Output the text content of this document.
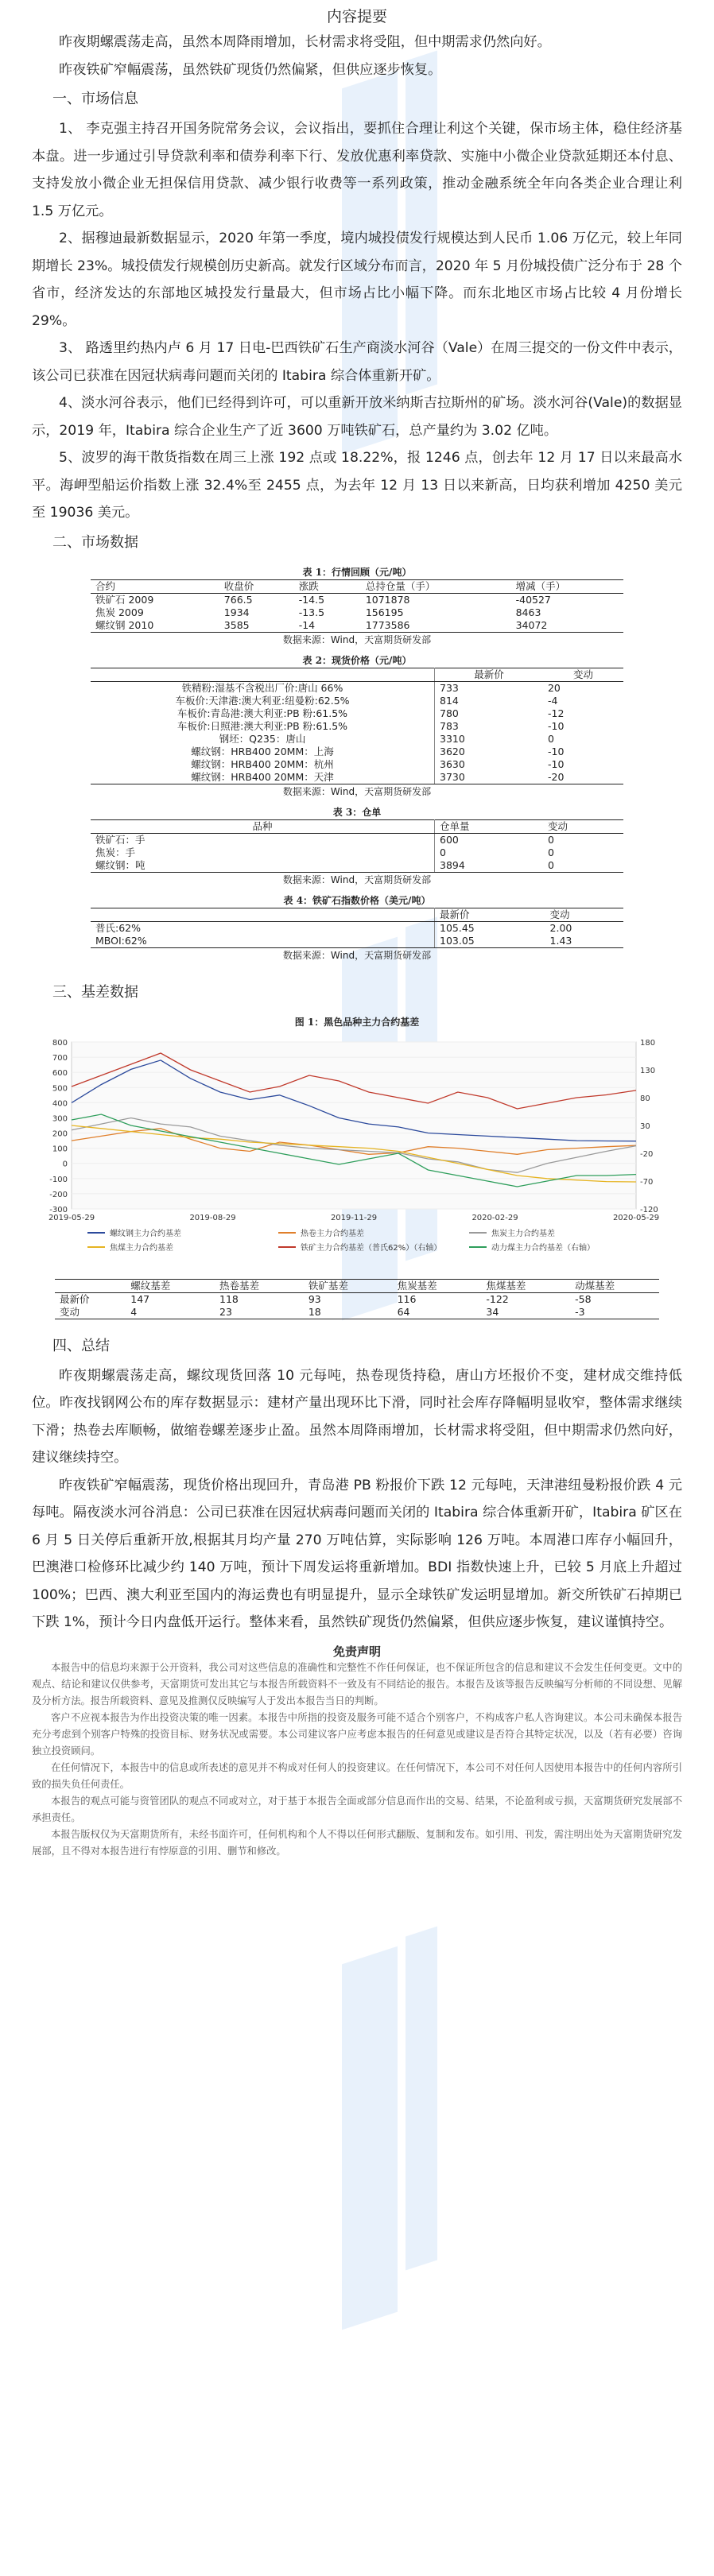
内容提要

昨夜期螺震荡走高，虽然本周降雨增加，长材需求将受阻，但中期需求仍然向好。

昨夜铁矿窄幅震荡，虽然铁矿现货仍然偏紧，但供应逐步恢复。

一、市场信息

1、 李克强主持召开国务院常务会议，会议指出，要抓住合理让利这个关键，保市场主体，稳住经济基本盘。进一步通过引导贷款利率和债券利率下行、发放优惠利率贷款、实施中小微企业贷款延期还本付息、支持发放小微企业无担保信用贷款、减少银行收费等一系列政策，推动金融系统全年向各类企业合理让利 1.5 万亿元。

2、据穆迪最新数据显示，2020 年第一季度，境内城投债发行规模达到人民币 1.06 万亿元，较上年同期增长 23%。城投债发行规模创历史新高。就发行区域分布而言，2020 年 5 月份城投债广泛分布于 28 个省市，经济发达的东部地区城投发行量最大，但市场占比小幅下降。而东北地区市场占比较 4 月份增长 29%。

3、 路透里约热内卢 6 月 17 日电-巴西铁矿石生产商淡水河谷（Vale）在周三提交的一份文件中表示，该公司已获准在因冠状病毒问题而关闭的 Itabira 综合体重新开矿。

4、淡水河谷表示，他们已经得到许可，可以重新开放米纳斯吉拉斯州的矿场。淡水河谷(Vale)的数据显示，2019 年，Itabira 综合企业生产了近 3600 万吨铁矿石，总产量约为 3.02 亿吨。

5、波罗的海干散货指数在周三上涨 192 点或 18.22%，报 1246 点，创去年 12 月 17 日以来最高水平。海岬型船运价指数上涨 32.4%至 2455 点，为去年 12 月 13 日以来新高，日均获利增加 4250 美元至 19036 美元。

二、市场数据
表 1：行情回顾（元/吨）
合约	收盘价	涨跌	总持仓量（手）	增减（手）
铁矿石 2009	766.5	-14.5	1071878	-40527
焦炭 2009	1934	-13.5	156195	8463
螺纹钢 2010	3585	-14	1773586	34072
数据来源：Wind，天富期货研发部
表 2：现货价格（元/吨）
	最新价	变动
铁精粉:湿基不含税出厂价:唐山 66%	733	20
车板价:天津港:澳大利亚:纽曼粉:62.5%	814	-4
车板价:青岛港:澳大利亚:PB 粉:61.5%	780	-12
车板价:日照港:澳大利亚:PB 粉:61.5%	783	-10
钢坯：Q235：唐山	3310	0
螺纹钢：HRB400 20MM：上海	3620	-10
螺纹钢：HRB400 20MM：杭州	3630	-10
螺纹钢：HRB400 20MM：天津	3730	-20
数据来源：Wind，天富期货研发部
表 3：仓单
品种	仓单量	变动
铁矿石：手	600	0
焦炭：手	0	0
螺纹钢：吨	3894	0
数据来源：Wind，天富期货研发部
表 4：铁矿石指数价格（美元/吨）
	最新价	变动
普氏:62%	105.45	2.00
MBOI:62%	103.05	1.43
数据来源：Wind，天富期货研发部
三、基差数据
图 1：黑色品种主力合约基差
800
700
600
500
400
300
200
100
0
-100
-200
-300
180
130
80
30
-20
-70
-120
2019-05-29	2019-08-29	2019-11-29	2020-02-29	2020-05-29
螺纹钢主力合约基差	热卷主力合约基差	焦炭主力合约基差
焦煤主力合约基差	铁矿主力合约基差（普氏62%）（右轴）	动力煤主力合约基差（右轴）
	螺纹基差	热卷基差	铁矿基差	焦炭基差	焦煤基差	动煤基差
最新价	147	118	93	116	-122	-58
变动	4	23	18	64	34	-3
四、总结

昨夜期螺震荡走高，螺纹现货回落 10 元每吨，热卷现货持稳，唐山方坯报价不变，建材成交维持低位。昨夜找钢网公布的库存数据显示：建材产量出现环比下滑，同时社会库存降幅明显收窄，整体需求继续下滑；热卷去库顺畅，做缩卷螺差逐步止盈。虽然本周降雨增加，长材需求将受阻，但中期需求仍然向好，建议继续持空。

昨夜铁矿窄幅震荡，现货价格出现回升，青岛港 PB 粉报价下跌 12 元每吨，天津港纽曼粉报价跌 4 元每吨。隔夜淡水河谷消息：公司已获准在因冠状病毒问题而关闭的 Itabira 综合体重新开矿，Itabira 矿区在 6 月 5 日关停后重新开放,根据其月均产量 270 万吨估算，实际影响 126 万吨。本周港口库存小幅回升，巴澳港口检修环比减少约 140 万吨，预计下周发运将重新增加。BDI 指数快速上升，已较 5 月底上升超过 100%；巴西、澳大利亚至国内的海运费也有明显提升，显示全球铁矿发运明显增加。新交所铁矿石掉期已下跌 1%，预计今日内盘低开运行。整体来看，虽然铁矿现货仍然偏紧，但供应逐步恢复，建议谨慎持空。

免责声明

本报告中的信息均来源于公开资料，我公司对这些信息的准确性和完整性不作任何保证，也不保证所包含的信息和建议不会发生任何变更。文中的观点、结论和建议仅供参考，天富期货可发出其它与本报告所载资料不一致及有不同结论的报告。本报告及该等报告反映编写分析师的不同设想、见解及分析方法。报告所载资料、意见及推测仅反映编写人于发出本报告当日的判断。

客户不应视本报告为作出投资决策的唯一因素。本报告中所指的投资及服务可能不适合个别客户，不构成客户私人咨询建议。本公司未确保本报告充分考虑到个别客户特殊的投资目标、财务状况或需要。本公司建议客户应考虑本报告的任何意见或建议是否符合其特定状况，以及（若有必要）咨询独立投资顾问。

在任何情况下，本报告中的信息或所表述的意见并不构成对任何人的投资建议。在任何情况下，本公司不对任何人因使用本报告中的任何内容所引致的损失负任何责任。

本报告的观点可能与资管团队的观点不同或对立，对于基于本报告全面或部分信息而作出的交易、结果，不论盈利或亏损，天富期货研究发展部不承担责任。

本报告版权仅为天富期货所有，未经书面许可，任何机构和个人不得以任何形式翻版、复制和发布。如引用、刊发，需注明出处为天富期货研究发展部，且不得对本报告进行有悖原意的引用、删节和修改。
